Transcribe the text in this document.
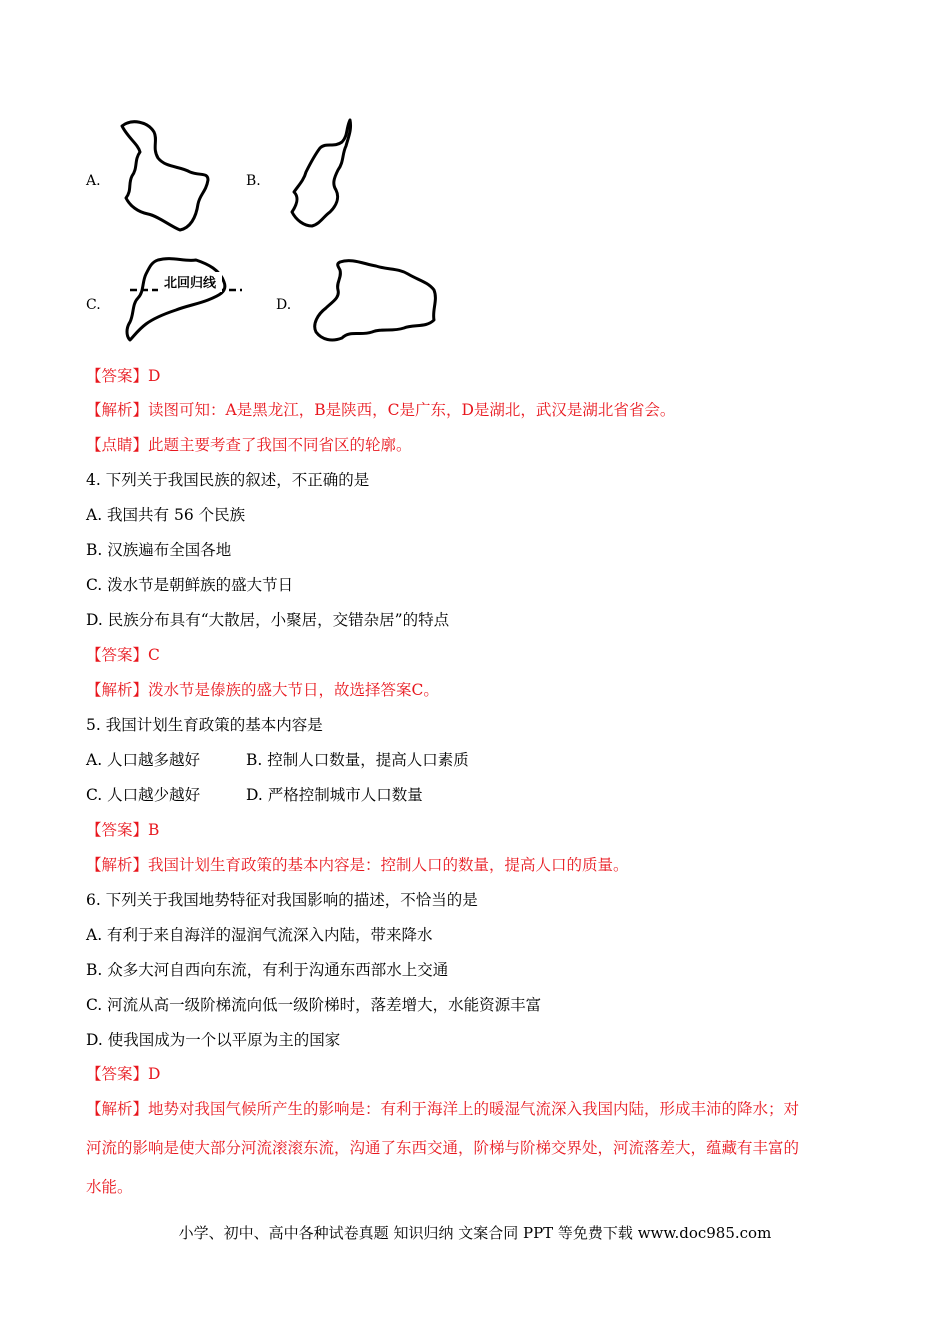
A.	B.
C.
北回归线
D.
【答案】D
【解析】读图可知：A是黑龙江，B是陕西，C是广东，D是湖北，武汉是湖北省省会。
【点睛】此题主要考查了我国不同省区的轮廓。
4. 下列关于我国民族的叙述，不正确的是
A. 我国共有 56 个民族
B. 汉族遍布全国各地
C. 泼水节是朝鲜族的盛大节日
D. 民族分布具有“大散居，小聚居，交错杂居”的特点
【答案】C
【解析】泼水节是傣族的盛大节日，故选择答案C。
5. 我国计划生育政策的基本内容是
A. 人口越多越好	B. 控制人口数量，提高人口素质
C. 人口越少越好	D. 严格控制城市人口数量
【答案】B
【解析】我国计划生育政策的基本内容是：控制人口的数量，提高人口的质量。
6. 下列关于我国地势特征对我国影响的描述，不恰当的是
A. 有利于来自海洋的湿润气流深入内陆，带来降水
B. 众多大河自西向东流，有利于沟通东西部水上交通
C. 河流从高一级阶梯流向低一级阶梯时，落差增大，水能资源丰富
D. 使我国成为一个以平原为主的国家
【答案】D
【解析】地势对我国气候所产生的影响是：有利于海洋上的暖湿气流深入我国内陆，形成丰沛的降水；对
河流的影响是使大部分河流滚滚东流，沟通了东西交通，阶梯与阶梯交界处，河流落差大，蕴藏有丰富的
水能。
小学、初中、高中各种试卷真题 知识归纳 文案合同 PPT 等免费下载 www.doc985.com
